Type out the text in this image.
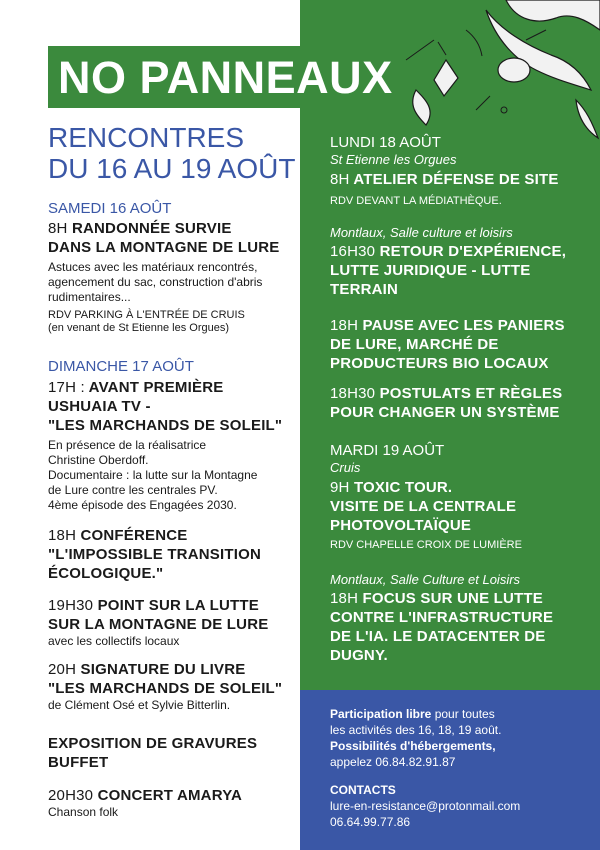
NO PANNEAUX
RENCONTRES
DU 16 AU 19 AOÛT
SAMEDI 16 AOÛT
8H RANDONNÉE SURVIE
DANS LA MONTAGNE DE LURE
Astuces avec les matériaux rencontrés,
agencement du sac, construction d'abris
rudimentaires...
RDV PARKING À L'ENTRÉE DE CRUIS
(en venant de St Etienne les Orgues)
DIMANCHE 17 AOÛT
17H : AVANT PREMIÈRE
USHUAIA TV -
"LES MARCHANDS DE SOLEIL"
En présence de la réalisatrice
Christine Oberdoff.
Documentaire : la lutte sur la Montagne
de Lure contre les centrales PV.
4ème épisode des Engagées 2030.
18H CONFÉRENCE
"L'IMPOSSIBLE TRANSITION
ÉCOLOGIQUE."
19H30 POINT SUR LA LUTTE
SUR LA MONTAGNE DE LURE
avec les collectifs locaux
20H SIGNATURE DU LIVRE
"LES MARCHANDS DE SOLEIL"
de Clément Osé et Sylvie Bitterlin.
EXPOSITION DE GRAVURES
BUFFET
20H30 CONCERT AMARYA
Chanson folk
LUNDI 18 AOÛT
St Etienne les Orgues
8H ATELIER DÉFENSE DE SITE
RDV DEVANT LA MÉDIATHÈQUE.
Montlaux, Salle culture et loisirs
16H30 RETOUR D'EXPÉRIENCE,
LUTTE JURIDIQUE - LUTTE
TERRAIN
18H PAUSE AVEC LES PANIERS
DE LURE, MARCHÉ DE
PRODUCTEURS BIO LOCAUX
18H30 POSTULATS ET RÈGLES
POUR CHANGER UN SYSTÈME
MARDI 19 AOÛT
Cruis
9H TOXIC TOUR.
VISITE DE LA CENTRALE
PHOTOVOLTAÏQUE
RDV CHAPELLE CROIX DE LUMIÈRE
Montlaux, Salle Culture et Loisirs
18H FOCUS SUR UNE LUTTE
CONTRE L'INFRASTRUCTURE
DE L'IA. LE DATACENTER DE
DUGNY.
Participation libre pour toutes
les activités des 16, 18, 19 août.
Possibilités d'hébergements,
appelez 06.84.82.91.87
CONTACTS
lure-en-resistance@protonmail.com
06.64.99.77.86
